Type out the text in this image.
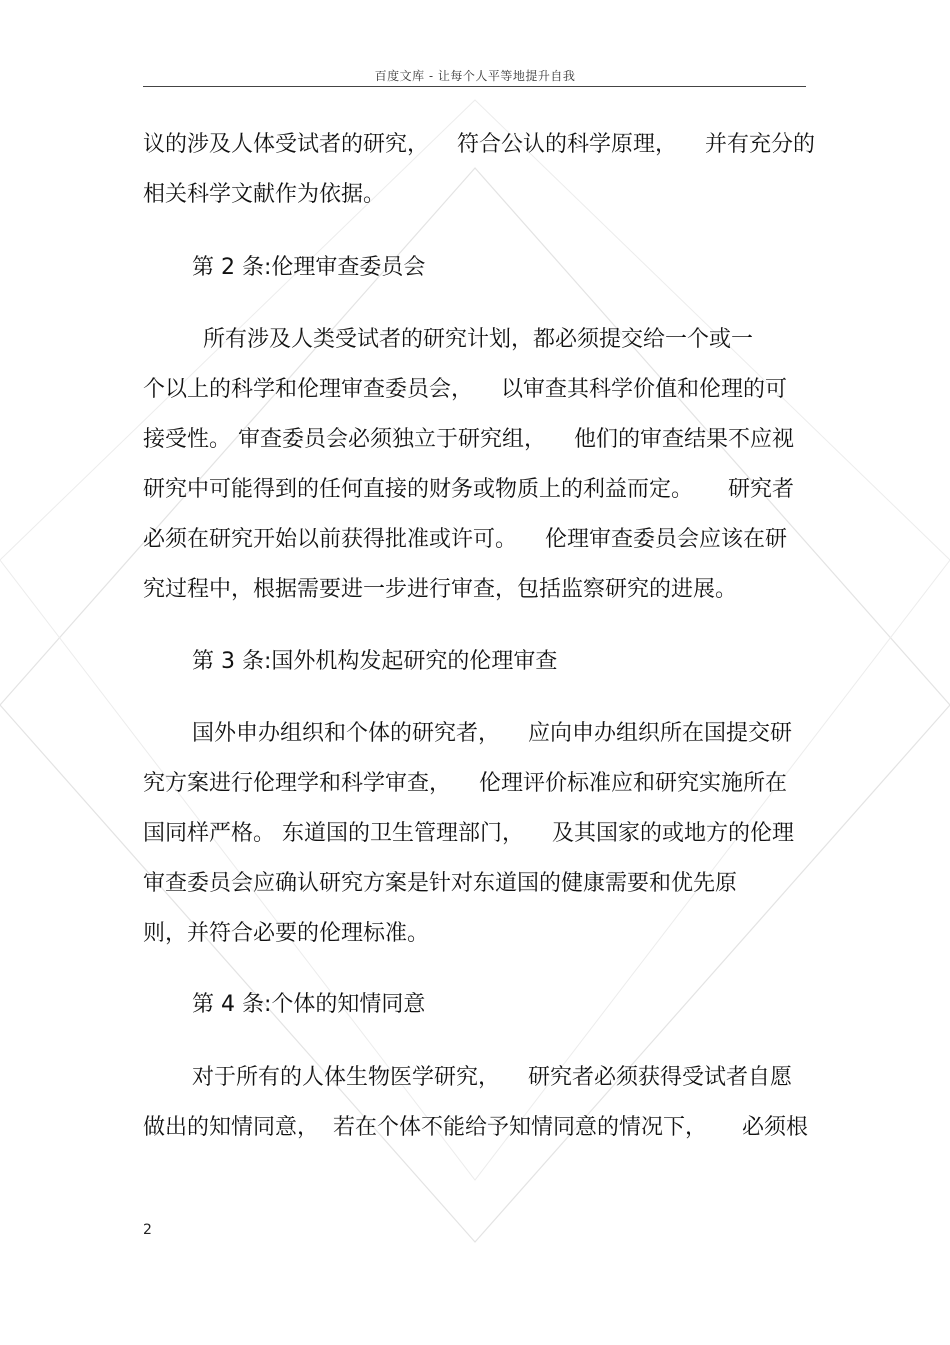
百度文库 - 让每个人平等地提升自我
议的涉及人体受试者的研究，    符合公认的科学原理，    并有充分的
相关科学文献作为依据。
第 2 条:伦理审查委员会
所有涉及人类受试者的研究计划，都必须提交给一个或一
个以上的科学和伦理审查委员会，    以审查其科学价值和伦理的可
接受性。 审查委员会必须独立于研究组，    他们的审查结果不应视
研究中可能得到的任何直接的财务或物质上的利益而定。     研究者
必须在研究开始以前获得批准或许可。    伦理审查委员会应该在研
究过程中，根据需要进一步进行审查，包括监察研究的进展。
第 3 条:国外机构发起研究的伦理审查
国外申办组织和个体的研究者，    应向申办组织所在国提交研
究方案进行伦理学和科学审查，    伦理评价标准应和研究实施所在
国同样严格。 东道国的卫生管理部门，    及其国家的或地方的伦理
审查委员会应确认研究方案是针对东道国的健康需要和优先原
则，并符合必要的伦理标准。
第 4 条:个体的知情同意
对于所有的人体生物医学研究，    研究者必须获得受试者自愿
做出的知情同意，  若在个体不能给予知情同意的情况下，     必须根
2
